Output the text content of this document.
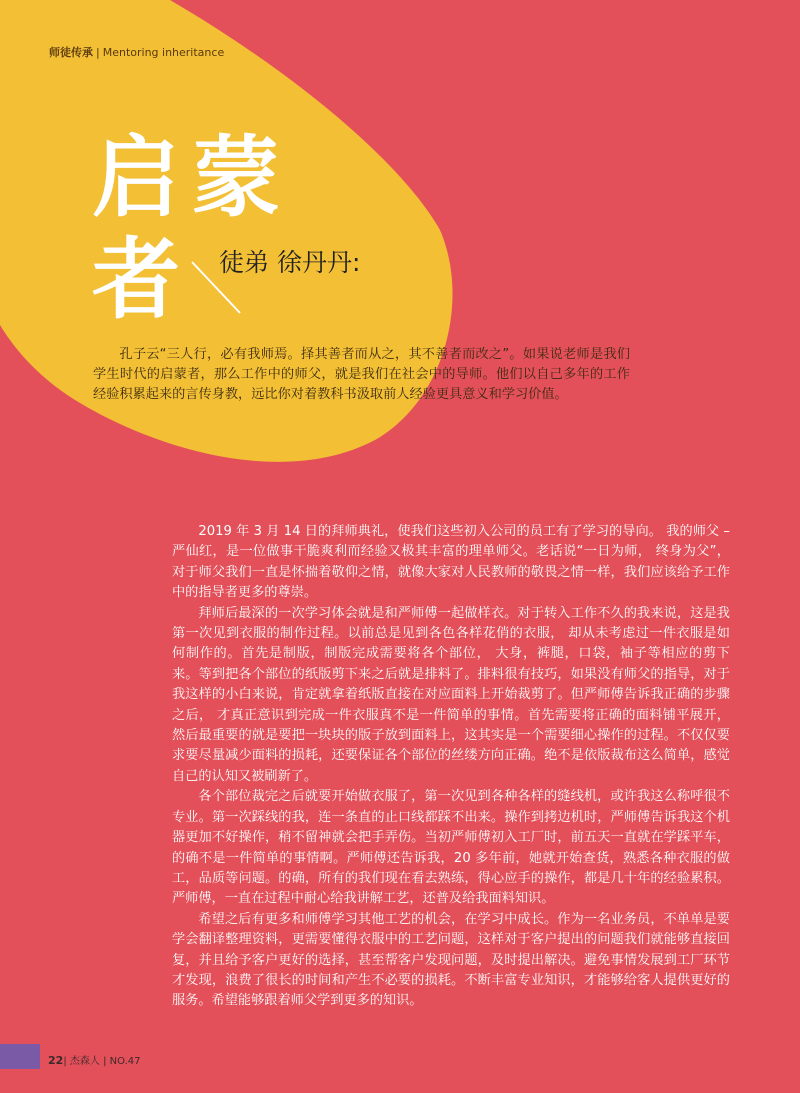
师徒传承 | Mentoring inheritance
启蒙
者 徒弟 徐丹丹:
孔子云“三人行，必有我师焉。择其善者而从之，其不善者而改之”。如果说老师是我们学生时代的启蒙者，那么工作中的师父，就是我们在社会中的导师。他们以自己多年的工作经验积累起来的言传身教，远比你对着教科书汲取前人经验更具意义和学习价值。

2019 年 3 月 14 日的拜师典礼，使我们这些初入公司的员工有了学习的导向。 我的师父 – 严仙红，是一位做事干脆爽利而经验又极其丰富的理单师父。老话说“一日为师， 终身为父”，对于师父我们一直是怀揣着敬仰之情，就像大家对人民教师的敬畏之情一样，我们应该给予工作中的指导者更多的尊崇。

拜师后最深的一次学习体会就是和严师傅一起做样衣。对于转入工作不久的我来说，这是我第一次见到衣服的制作过程。以前总是见到各色各样花俏的衣服， 却从未考虑过一件衣服是如何制作的。首先是制版，制版完成需要将各个部位， 大身，裤腿，口袋，袖子等相应的剪下来。等到把各个部位的纸版剪下来之后就是排料了。排料很有技巧，如果没有师父的指导，对于我这样的小白来说，肯定就拿着纸版直接在对应面料上开始裁剪了。但严师傅告诉我正确的步骤之后， 才真正意识到完成一件衣服真不是一件简单的事情。首先需要将正确的面料铺平展开，然后最重要的就是要把一块块的版子放到面料上，这其实是一个需要细心操作的过程。不仅仅要求要尽量减少面料的损耗，还要保证各个部位的丝缕方向正确。绝不是依版裁布这么简单，感觉自己的认知又被刷新了。

各个部位裁完之后就要开始做衣服了，第一次见到各种各样的缝线机，或许我这么称呼很不专业。第一次踩线的我，连一条直的止口线都踩不出来。操作到拷边机时，严师傅告诉我这个机器更加不好操作，稍不留神就会把手弄伤。当初严师傅初入工厂时，前五天一直就在学踩平车，的确不是一件简单的事情啊。严师傅还告诉我，20 多年前，她就开始查货，熟悉各种衣服的做工，品质等问题。的确，所有的我们现在看去熟练，得心应手的操作，都是几十年的经验累积。 严师傅，一直在过程中耐心给我讲解工艺，还普及给我面料知识。

希望之后有更多和师傅学习其他工艺的机会，在学习中成长。作为一名业务员，不单单是要学会翻译整理资料，更需要懂得衣服中的工艺问题，这样对于客户提出的问题我们就能够直接回复，并且给予客户更好的选择，甚至帮客户发现问题，及时提出解决。避免事情发展到工厂环节才发现，浪费了很长的时间和产生不必要的损耗。不断丰富专业知识，才能够给客人提供更好的服务。希望能够跟着师父学到更多的知识。

22| 杰森人 | NO.47
